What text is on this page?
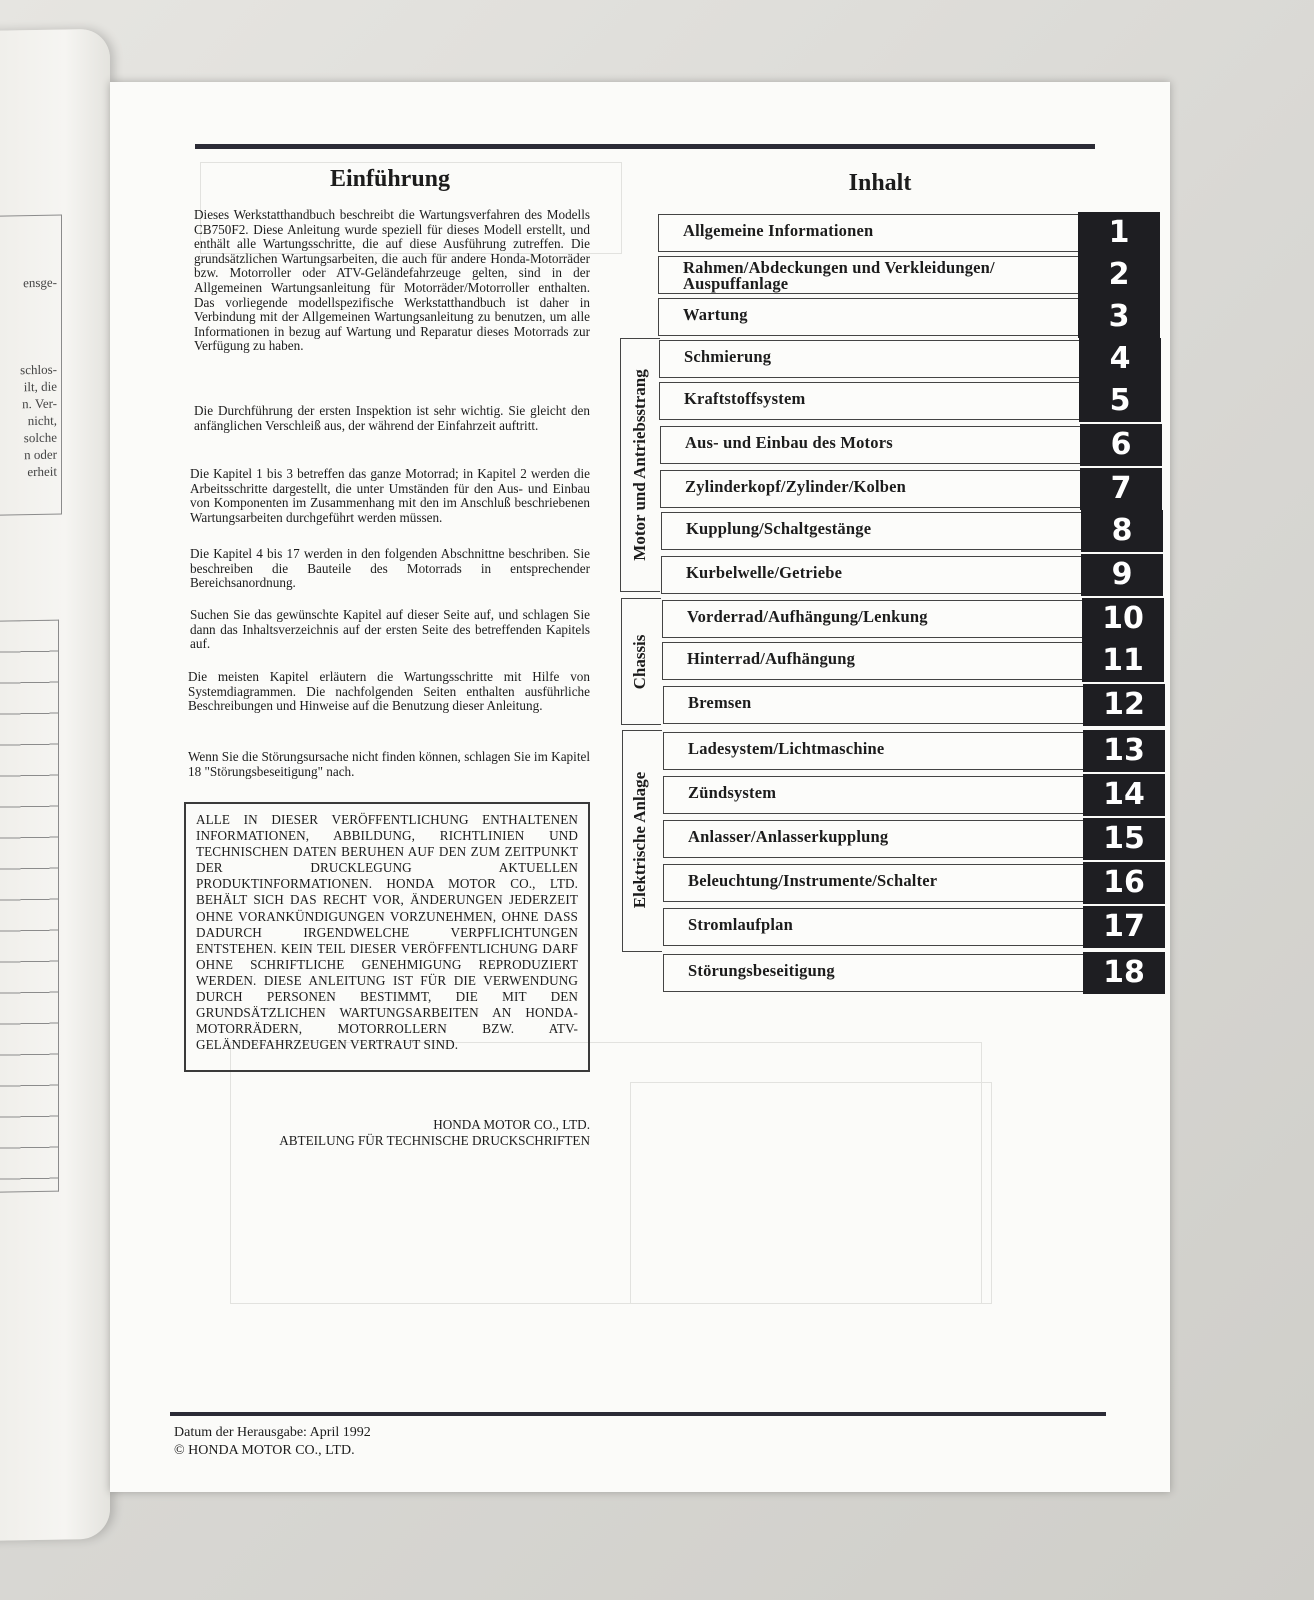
ensge-
schlos-
ilt, die
n. Ver-
nicht,
solche
n oder
erheit
Einführung
Dieses Werkstatthandbuch beschreibt die Wartungsverfahren des Modells CB750F2. Diese Anleitung wurde speziell für dieses Modell erstellt, und enthält alle Wartungsschritte, die auf diese Ausführung zutreffen. Die grundsätzlichen Wartungsarbeiten, die auch für andere Honda-Motorräder bzw. Motorroller oder ATV-Geländefahrzeuge gelten, sind in der Allgemeinen Wartungsanleitung für Motorräder/Motorroller enthalten. Das vorliegende modellspezifische Werkstatthandbuch ist daher in Verbindung mit der Allgemeinen Wartungsanleitung zu benutzen, um alle Informationen in bezug auf Wartung und Reparatur dieses Motorrads zur Verfügung zu haben.
Die Durchführung der ersten Inspektion ist sehr wichtig. Sie gleicht den anfänglichen Verschleiß aus, der während der Einfahrzeit auftritt.
Die Kapitel 1 bis 3 betreffen das ganze Motorrad; in Kapitel 2 werden die Arbeitsschritte dargestellt, die unter Umständen für den Aus- und Einbau von Komponenten im Zusammenhang mit den im Anschluß beschriebenen Wartungsarbeiten durchgeführt werden müssen.
Die Kapitel 4 bis 17 werden in den folgenden Abschnittne beschriben. Sie beschreiben die Bauteile des Motorrads in entsprechender Bereichsanordnung.
Suchen Sie das gewünschte Kapitel auf dieser Seite auf, und schlagen Sie dann das Inhaltsverzeichnis auf der ersten Seite des betreffenden Kapitels auf.
Die meisten Kapitel erläutern die Wartungsschritte mit Hilfe von Systemdiagrammen. Die nachfolgenden Seiten enthalten ausführliche Beschreibungen und Hinweise auf die Benutzung dieser Anleitung.
Wenn Sie die Störungsursache nicht finden können, schlagen Sie im Kapitel 18 "Störungsbeseitigung" nach.
ALLE IN DIESER VERÖFFENTLICHUNG ENTHALTENEN INFORMATIONEN, ABBILDUNG, RICHTLINIEN UND TECHNISCHEN DATEN BERUHEN AUF DEN ZUM ZEITPUNKT DER DRUCKLEGUNG AKTUELLEN PRODUKTINFORMATIONEN. HONDA MOTOR CO., LTD. BEHÄLT SICH DAS RECHT VOR, ÄNDERUNGEN JEDERZEIT OHNE VORANKÜNDIGUNGEN VORZUNEHMEN, OHNE DASS DADURCH IRGENDWELCHE VERPFLICHTUNGEN ENTSTEHEN. KEIN TEIL DIESER VERÖFFENTLICHUNG DARF OHNE SCHRIFTLICHE GENEHMIGUNG REPRODUZIERT WERDEN. DIESE ANLEITUNG IST FÜR DIE VERWENDUNG DURCH PERSONEN BESTIMMT, DIE MIT DEN GRUNDSÄTZLICHEN WARTUNGSARBEITEN AN HONDA-MOTORRÄDERN, MOTORROLLERN BZW. ATV-GELÄNDEFAHRZEUGEN VERTRAUT SIND.
HONDA MOTOR CO., LTD.
ABTEILUNG FÜR TECHNISCHE DRUCKSCHRIFTEN
Inhalt
Motor und Antriebsstrang
Chassis
Elektrische Anlage
Allgemeine Informationen	1
Rahmen/Abdeckungen und Verkleidungen/
Auspuffanlage	2
Wartung	3
Schmierung	4
Kraftstoffsystem	5
Aus- und Einbau des Motors	6
Zylinderkopf/Zylinder/Kolben	7
Kupplung/Schaltgestänge	8
Kurbelwelle/Getriebe	9
Vorderrad/Aufhängung/Lenkung	10
Hinterrad/Aufhängung	11
Bremsen	12
Ladesystem/Lichtmaschine	13
Zündsystem	14
Anlasser/Anlasserkupplung	15
Beleuchtung/Instrumente/Schalter	16
Stromlaufplan	17
Störungsbeseitigung	18
Datum der Herausgabe: April 1992
© HONDA MOTOR CO., LTD.
